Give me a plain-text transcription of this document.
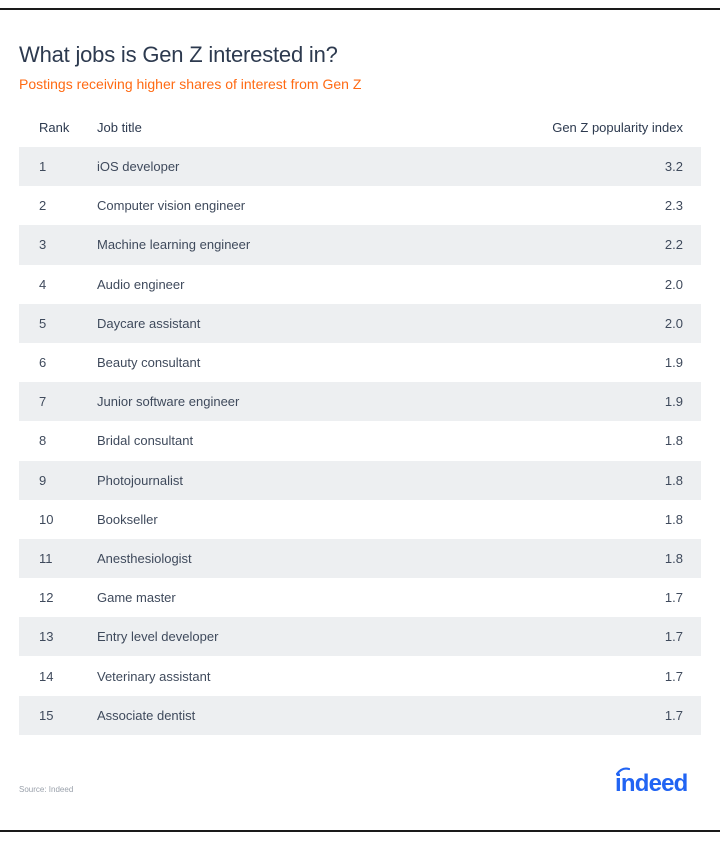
What jobs is Gen Z interested in?
Postings receiving higher shares of interest from Gen Z
Rank Job title	Gen Z popularity index
1	iOS developer	3.2
2	Computer vision engineer	2.3
3	Machine learning engineer	2.2
4	Audio engineer	2.0
5	Daycare assistant	2.0
6	Beauty consultant	1.9
7	Junior software engineer	1.9
8	Bridal consultant	1.8
9	Photojournalist	1.8
10	Bookseller	1.8
11	Anesthesiologist	1.8
12	Game master	1.7
13	Entry level developer	1.7
14	Veterinary assistant	1.7
15	Associate dentist	1.7
Source: Indeed	indeed
